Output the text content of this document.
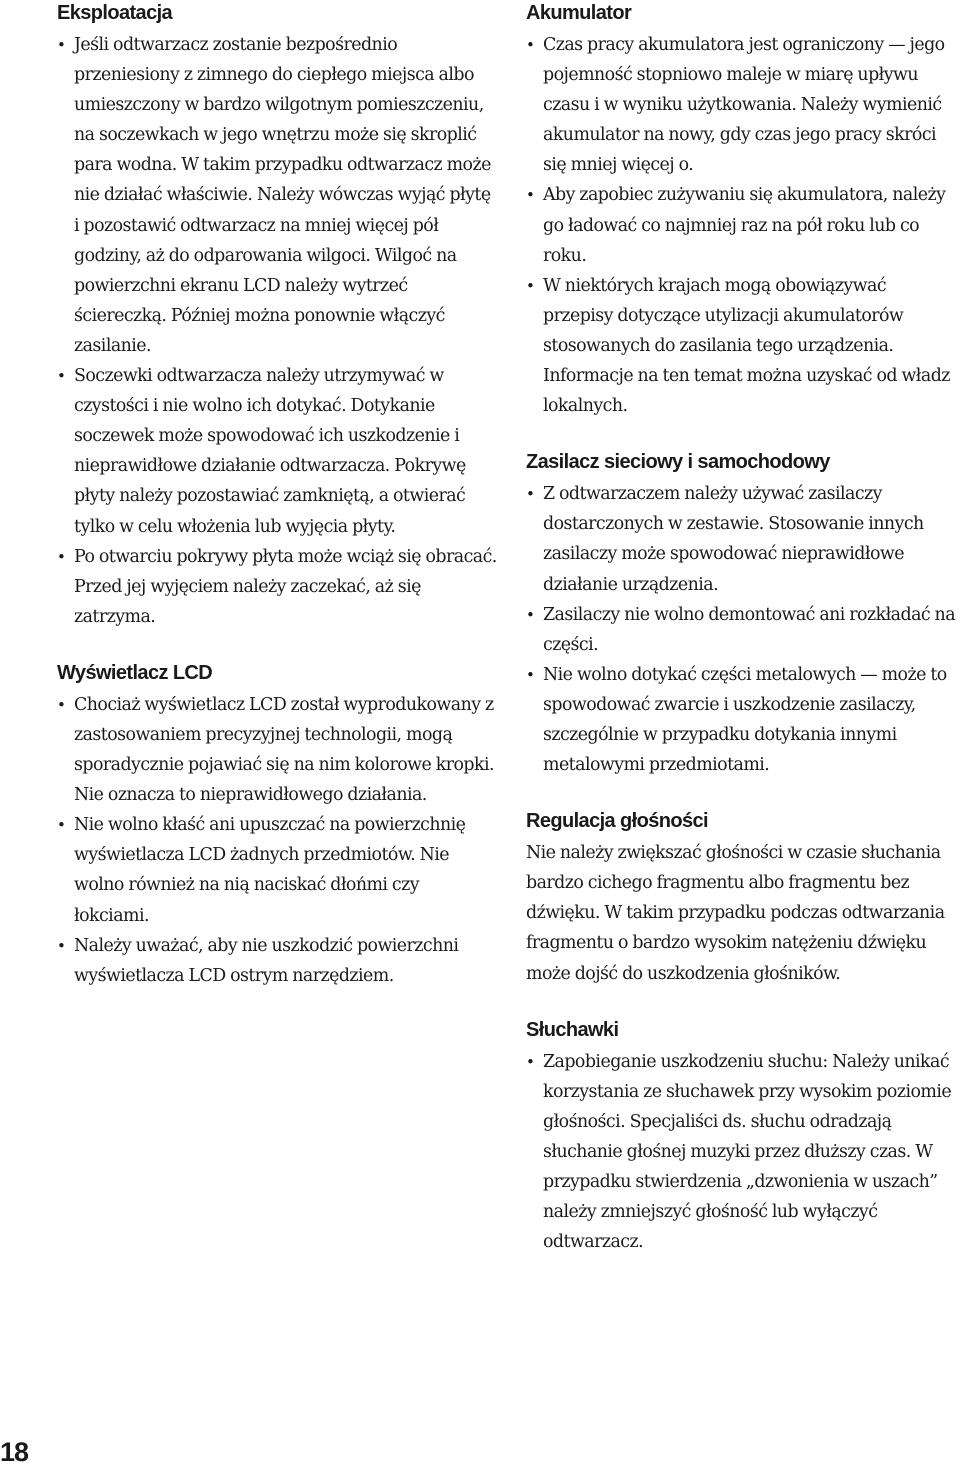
Eksploatacja
• Jeśli odtwarzacz zostanie bezpośrednio przeniesiony z zimnego do ciepłego miejsca albo umieszczony w bardzo wilgotnym pomieszczeniu, na soczewkach w jego wnętrzu może się skroplić para wodna. W takim przypadku odtwarzacz może nie działać właściwie. Należy wówczas wyjąć płytę i pozostawić odtwarzacz na mniej więcej pół godziny, aż do odparowania wilgoci. Wilgoć na powierzchni ekranu LCD należy wytrzeć ściereczką. Później można ponownie włączyć zasilanie.
• Soczewki odtwarzacza należy utrzymywać w czystości i nie wolno ich dotykać. Dotykanie soczewek może spowodować ich uszkodzenie i nieprawidłowe działanie odtwarzacza. Pokrywę płyty należy pozostawiać zamkniętą, a otwierać tylko w celu włożenia lub wyjęcia płyty.
• Po otwarciu pokrywy płyta może wciąż się obracać. Przed jej wyjęciem należy zaczekać, aż się zatrzyma.
Wyświetlacz LCD
• Chociaż wyświetlacz LCD został wyprodukowany z zastosowaniem precyzyjnej technologii, mogą sporadycznie pojawiać się na nim kolorowe kropki. Nie oznacza to nieprawidłowego działania.
• Nie wolno kłaść ani upuszczać na powierzchnię wyświetlacza LCD żadnych przedmiotów. Nie wolno również na nią naciskać dłońmi czy łokciami.
• Należy uważać, aby nie uszkodzić powierzchni wyświetlacza LCD ostrym narzędziem.
Akumulator
• Czas pracy akumulatora jest ograniczony — jego pojemność stopniowo maleje w miarę upływu czasu i w wyniku użytkowania. Należy wymienić akumulator na nowy, gdy czas jego pracy skróci się mniej więcej o.
• Aby zapobiec zużywaniu się akumulatora, należy go ładować co najmniej raz na pół roku lub co roku.
• W niektórych krajach mogą obowiązywać przepisy dotyczące utylizacji akumulatorów stosowanych do zasilania tego urządzenia. Informacje na ten temat można uzyskać od władz lokalnych.
Zasilacz sieciowy i samochodowy
• Z odtwarzaczem należy używać zasilaczy dostarczonych w zestawie. Stosowanie innych zasilaczy może spowodować nieprawidłowe działanie urządzenia.
• Zasilaczy nie wolno demontować ani rozkładać na części.
• Nie wolno dotykać części metalowych — może to spowodować zwarcie i uszkodzenie zasilaczy, szczególnie w przypadku dotykania innymi metalowymi przedmiotami.
Regulacja głośności

Nie należy zwiększać głośności w czasie słuchania bardzo cichego fragmentu albo fragmentu bez dźwięku. W takim przypadku podczas odtwarzania fragmentu o bardzo wysokim natężeniu dźwięku może dojść do uszkodzenia głośników.

Słuchawki
• Zapobieganie uszkodzeniu słuchu: Należy unikać korzystania ze słuchawek przy wysokim poziomie głośności. Specjaliści ds. słuchu odradzają słuchanie głośnej muzyki przez dłuższy czas. W przypadku stwierdzenia „dzwonienia w uszach” należy zmniejszyć głośność lub wyłączyć odtwarzacz.
18
